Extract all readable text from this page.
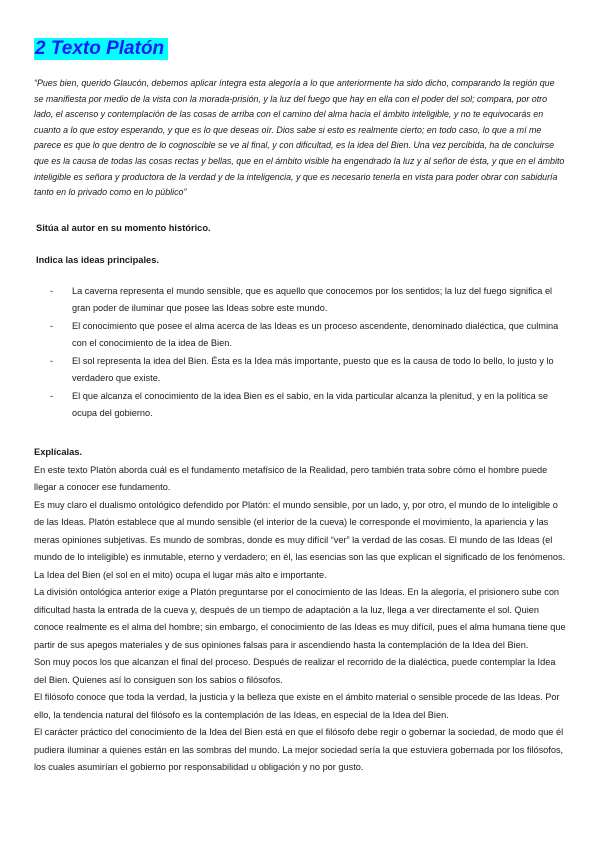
2 Texto Platón

“Pues bien, querido Glaucón, debemos aplicar íntegra esta alegoría a lo que anteriormente ha sido dicho, comparando la región que se manifiesta por medio de la vista con la morada-prisión, y la luz del fuego que hay en ella con el poder del sol; compara, por otro lado, el ascenso y contemplación de las cosas de arriba con el camino del alma hacia el ámbito inteligible, y no te equivocarás en cuanto a lo que estoy esperando, y que es lo que deseas oír. Dios sabe si esto es realmente cierto; en todo caso, lo que a mí me parece es que lo que dentro de lo cognoscible se ve al final, y con dificultad, es la idea del Bien. Una vez percibida, ha de concluirse que es la causa de todas las cosas rectas y bellas, que en el ámbito visible ha engendrado la luz y al señor de ésta, y que en el ámbito inteligible es señora y productora de la verdad y de la inteligencia, y que es necesario tenerla en vista para poder obrar con sabiduría tanto en lo privado como en lo público”

Sitúa al autor en su momento histórico.

Indica las ideas principales.

- La caverna representa el mundo sensible, que es aquello que conocemos por los sentidos; la luz del fuego significa el gran poder de iluminar que posee las Ideas sobre este mundo.
- El conocimiento que posee el alma acerca de las Ideas es un proceso ascendente, denominado dialéctica, que culmina con el conocimiento de la idea de Bien.
- El sol representa la idea del Bien. Ésta es la Idea más importante, puesto que es la causa de todo lo bello, lo justo y lo verdadero que existe.
- El que alcanza el conocimiento de la idea Bien es el sabio, en la vida particular alcanza la plenitud, y en la política se ocupa del gobierno.

Explícalas.

En este texto Platón aborda cuál es el fundamento metafísico de la Realidad, pero también trata sobre cómo el hombre puede llegar a conocer ese fundamento.

Es muy claro el dualismo ontológico defendido por Platón: el mundo sensible, por un lado, y, por otro, el mundo de lo inteligible o de las Ideas. Platón establece que al mundo sensible (el interior de la cueva) le corresponde el movimiento, la apariencia y las meras opiniones subjetivas. Es mundo de sombras, donde es muy difícil “ver” la verdad de las cosas. El mundo de las Ideas (el mundo de lo inteligible) es inmutable, eterno y verdadero; en él, las esencias son las que explican el significado de los fenómenos. La Idea del Bien (el sol en el mito) ocupa el lugar más alto e importante.

La división ontológica anterior exige a Platón preguntarse por el conocimiento de las Ideas. En la alegoría, el prisionero sube con dificultad hasta la entrada de la cueva y, después de un tiempo de adaptación a la luz, llega a ver directamente el sol. Quien conoce realmente es el alma del hombre; sin embargo, el conocimiento de las Ideas es muy difícil, pues el alma humana tiene que partir de sus apegos materiales y de sus opiniones falsas para ir ascendiendo hasta la contemplación de la Idea del Bien.

Son muy pocos los que alcanzan el final del proceso. Después de realizar el recorrido de la dialéctica, puede contemplar la Idea del Bien. Quienes así lo consiguen son los sabios o filósofos.

El filósofo conoce que toda la verdad, la justicia y la belleza que existe en el ámbito material o sensible procede de las Ideas. Por ello, la tendencia natural del filósofo es la contemplación de las Ideas, en especial de la Idea del Bien.

El carácter práctico del conocimiento de la Idea del Bien está en que el filósofo debe regir o gobernar la sociedad, de modo que él pudiera iluminar a quienes están en las sombras del mundo. La mejor sociedad sería la que estuviera gobernada por los filósofos, los cuales asumirían el gobierno por responsabilidad u obligación y no por gusto.
